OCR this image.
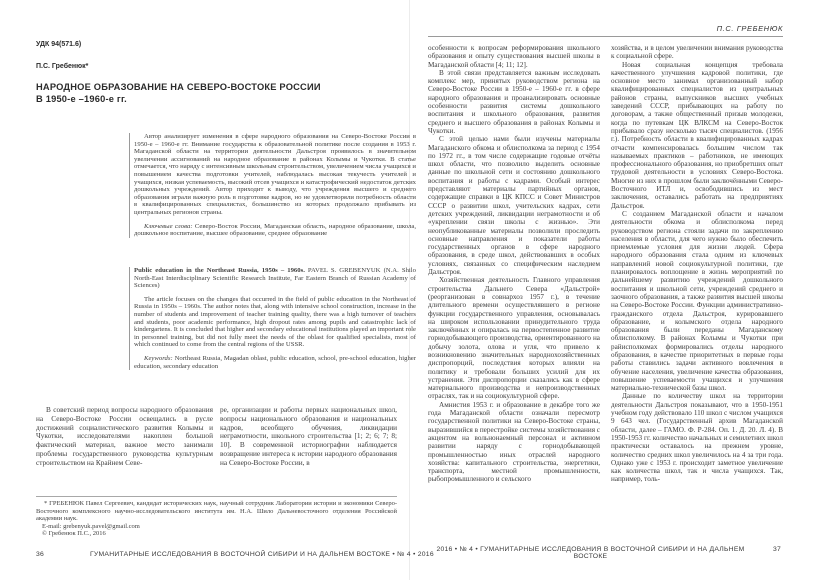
УДК 94(571.6)
П.С. Гребенюк*
НАРОДНОЕ ОБРАЗОВАНИЕ НА СЕВЕРО-ВОСТОКЕ РОССИИ
В 1950-е –1960-е гг.

Автор анализирует изменения в сфере народного образования на Северо-Востоке России в 1950-е – 1960-е гг. Внимание государства к образовательной политике после создания в 1953 г. Магаданской области на территории деятельности Дальстроя проявилось в значительном увеличении ассигнований на народное образование в районах Колымы и Чукотки. В статье отмечается, что наряду с интенсивным школьным строительством, увеличением числа учащихся и повышением качества подготовки учителей, наблюдалась высокая текучесть учителей и учащихся, низкая успеваемость, высокий отсев учащихся и катастрофический недостаток детских дошкольных учреждений. Автор приходит к выводу, что учреждения высшего и среднего образования играли важную роль в подготовке кадров, но не удовлетворяли потребность области в квалифицированных специалистах, большинство из которых продолжало прибывать из центральных регионов страны.

Ключевые слова: Северо-Восток России, Магаданская область, народное образование, школа, дошкольное воспитание, высшее образование, среднее образование

Public education in the Northeast Russia, 1950s – 1960s. PAVEL S. GREBENYUK (N.A. Shilo North-East Interdisciplinary Scientific Research Institute, Far Eastern Branch of Russian Academy of Sciences)

The article focuses on the changes that occurred in the field of public education in the Northeast of Russia in 1950s – 1960s. The author notes that, along with intensive school construction, increase in the number of students and improvement of teacher training quality, there was a high turnover of teachers and students, poor academic performance, high dropout rates among pupils and catastrophic lack of kindergartens. It is concluded that higher and secondary educational institutions played an important role in personnel training, but did not fully meet the needs of the oblast for qualified specialists, most of which continued to come from the central regions of the USSR.

Keywords: Northeast Russia, Magadan oblast, public education, school, pre-school education, higher education, secondary education

В советский период вопросы народного образования на Северо-Востоке России освещались в русле достижений социалистического развития Колымы и Чукотки, исследователями накоплен большой фактический материал, важное место занимали проблемы государственного руководства культурным строительством на Крайнем Севе-

ре, организации и работы первых национальных школ, вопросы национального образования и национальных кадров, всеобщего обучения, ликвидации неграмотности, школьного строительства [1; 2; 6; 7; 8; 10]. В современной историографии наблюдается возвращение интереса к истории народного образования на Северо-Востоке России, в

* ГРЕБЕНЮК Павел Сергеевич, кандидат исторических наук, научный сотрудник Лаборатории истории и экономики Северо-Восточного комплексного научно-исследовательского института им. Н.А. Шило Дальневосточного отделения Российской академии наук.

E-mail: grebenyuk.pavel@gmail.com

© Гребенюк П.С., 2016

36	ГУМАНИТАРНЫЕ ИССЛЕДОВАНИЯ В ВОСТОЧНОЙ СИБИРИ И НА ДАЛЬНЕМ ВОСТОКЕ • № 4 • 2016
П.С. ГРЕБЕНЮК

особенности к вопросам реформирования школьного образования и опыту существования высшей школы в Магаданской области [4; 11; 12].

В этой связи представляется важным исследовать комплекс мер, принятых руководством региона на Северо-Востоке России в 1950-е – 1960-е гг. в сфере народного образования и проанализировать основные особенности развития системы дошкольного воспитания и школьного образования, развития среднего и высшего образования в районах Колымы и Чукотки.

С этой целью нами были изучены материалы Магаданского обкома и облисполкома за период с 1954 по 1972 гг., в том числе содержащие годовые отчёты школ области, что позволило выделить основные данные по школьной сети и состоянию дошкольного воспитания и работы с кадрами. Особый интерес представляют материалы партийных органов, содержащие справки в ЦК КПСС и Совет Министров СССР о развитии школ, учительских кадрах, сети детских учреждений, ликвидации неграмотности и об «укреплении связи школы с жизнью». Эти неопубликованные материалы позволили проследить основные направления и показатели работы государственных органов в сфере народного образования, в среде школ, действовавших в особых условиях, связанных со специфическим наследием Дальстроя.

Хозяйственная деятельность Главного управления строительства Дальнего Севера «Дальстрой» (реорганизован в совнархоз 1957 г.), в течение длительного времени осуществлявшего в регионе функции государственного управления, основывалась на широком использовании принудительного труда заключённых и опиралась на первостепенное развитие горнодобывающего производства, ориентированного на добычу золота, олова и угля, что привело к возникновению значительных народнохозяйственных диспропорций, последствия которых влияли на политику и требовали больших усилий для их устранения. Эти диспропорции сказались как в сфере материального производства и непроизводственных отраслях, так и на социокультурной сфере.

Амнистия 1953 г. и образование в декабре того же года Магаданской области означали пересмотр государственной политики на Северо-Востоке страны, выразившийся в перестройке системы хозяйствования с акцентом на вольнонаемный персонал и активном развитии наряду с горнодобывающей промышленностью иных отраслей народного хозяйства: капитального строительства, энергетики, транспорта, местной промышленности, рыбопромышленного и сельского

хозяйства, и в целом увеличении внимания руководства к социальной сфере.

Новая социальная концепция требовала качественного улучшения кадровой политики, где основное место занимал организованный набор квалифицированных специалистов из центральных районов страны, выпускников высших учебных заведений СССР, прибывающих на работу по договорам, а также общественный призыв молодежи, когда по путевкам ЦК ВЛКСМ на Северо-Восток прибывало сразу несколько тысяч специалистов. (1956 г.). Потребность области в квалифицированных кадрах отчасти компенсировалась большим числом так называемых практиков – работников, не имеющих профессионального образования, но приобретших опыт трудовой деятельности в условиях Северо-Востока. Многие из них в прошлом были заключёнными Северо-Восточного ИТЛ и, освободившись из мест заключения, оставались работать на предприятиях Дальстроя.

С созданием Магаданской области и началом деятельности обкома и облисполкома перед руководством региона стояли задачи по закреплению населения в области, для чего нужно было обеспечить приемлемые условия для жизни людей. Сфера народного образования стала одним из ключевых направлений новой социокультурной политики, где планировалось воплощение в жизнь мероприятий по дальнейшему развитию учреждений дошкольного воспитания и школьной сети, учреждений среднего и заочного образования, а также развития высшей школы на Северо-Востоке России. Функции административно-гражданского отдела Дальстроя, курировавшего образование, и колымского отдела народного образования были переданы Магаданскому облисполкому. В районах Колымы и Чукотки при райисполкомах формировались отделы народного образования, в качестве приоритетных в первые годы работы ставились задачи активного вовлечения в обучение населения, увеличение качества образования, повышение успеваемости учащихся и улучшения материально-технической базы школ.

Данные по количеству школ на территории деятельности Дальстроя показывают, что в 1950-1951 учебном году действовало 110 школ с числом учащихся 9 643 чел. (Государственный архив Магаданской области, далее – ГАМО. Ф. Р-284. Оп. 1. Д. 20. Л. 4). В 1950-1953 гг. количество начальных и семилетних школ практически оставалось на прежнем уровне, количество средних школ увеличилось на 4 за три года. Однако уже с 1953 г. происходит заметное увеличение как количества школ, так и числа учащихся. Так, например, толь-

2016 • № 4 • ГУМАНИТАРНЫЕ ИССЛЕДОВАНИЯ В ВОСТОЧНОЙ СИБИРИ И НА ДАЛЬНЕМ ВОСТОКЕ
37
